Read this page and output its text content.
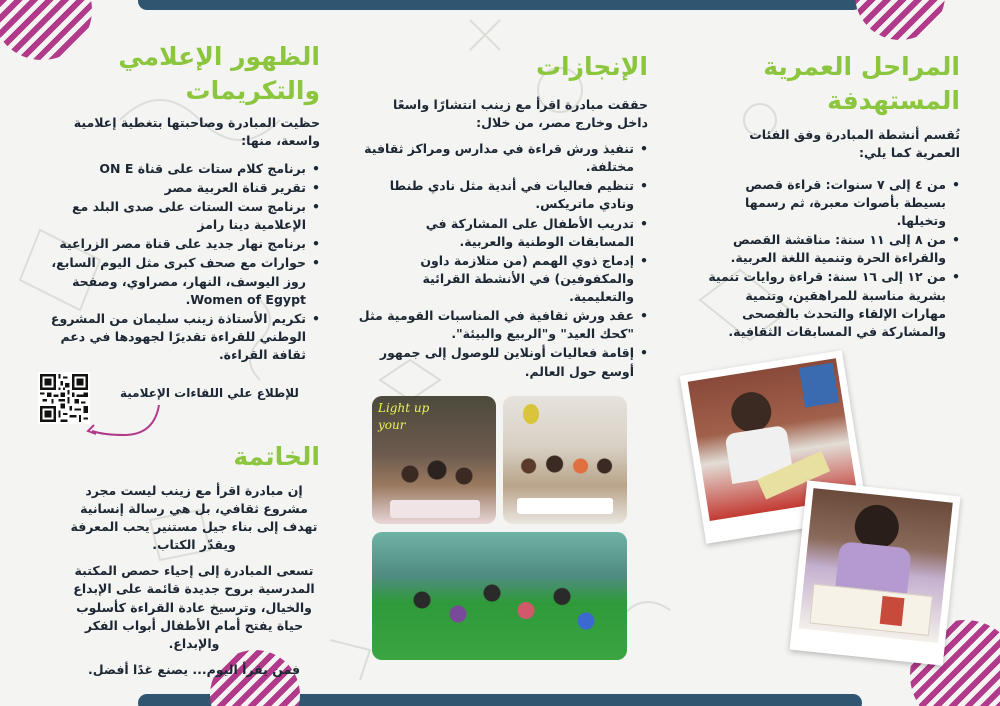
المراحل العمرية المستهدفة

تُقسم أنشطة المبادرة وفق الفئات العمرية كما يلي:

• من ٤ إلى ٧ سنوات: قراءة قصص بسيطة بأصوات معبرة، ثم رسمها وتخيلها.
• من ٨ إلى ١١ سنة: مناقشة القصص والقراءة الحرة وتنمية اللغة العربية.
• من ١٢ إلى ١٦ سنة: قراءة روايات تنمية بشرية مناسبة للمراهقين، وتنمية مهارات الإلقاء والتحدث بالفصحى والمشاركة في المسابقات الثقافية.
الإنجازات

حققت مبادرة اقرأ مع زينب انتشارًا واسعًا داخل وخارج مصر، من خلال:

• تنفيذ ورش قراءة في مدارس ومراكز ثقافية مختلفة.
• تنظيم فعاليات في أندية مثل نادي طنطا ونادي ماتريكس.
• تدريب الأطفال على المشاركة في المسابقات الوطنية والعربية.
• إدماج ذوي الهمم (من متلازمة داون والمكفوفين) في الأنشطة القرائية والتعليمية.
• عقد ورش ثقافية في المناسبات القومية مثل "كحك العيد" و"الربيع والبيئة".
• إقامة فعاليات أونلاين للوصول إلى جمهور أوسع حول العالم.
الظهور الإعلامي والتكريمات

حظيت المبادرة وصاحبتها بتغطية إعلامية واسعة، منها:

• برنامج كلام ستات على قناة ON E
• تقرير قناة العربية مصر
• برنامج ست الستات على صدى البلد مع الإعلامية دينا رامز
• برنامج نهار جديد على قناة مصر الزراعية
• حوارات مع صحف كبرى مثل اليوم السابع، روز اليوسف، النهار، مصراوي، وصفحة Women of Egypt.
• تكريم الأستاذة زينب سليمان من المشروع الوطني للقراءة تقديرًا لجهودها في دعم ثقافة القراءة.
للإطلاع علي اللقاءات الإعلامية
الخاتمة

إن مبادرة اقرأ مع زينب ليست مجرد مشروع ثقافي، بل هي رسالة إنسانية تهدف إلى بناء جيل مستنير يحب المعرفة ويقدّر الكتاب.

تسعى المبادرة إلى إحياء حصص المكتبة المدرسية بروح جديدة قائمة على الإبداع والخيال، وترسيخ عادة القراءة كأسلوب حياة يفتح أمام الأطفال أبواب الفكر والإبداع.

فمن يقرأ اليوم... يصنع غدًا أفضل.

Light up your
